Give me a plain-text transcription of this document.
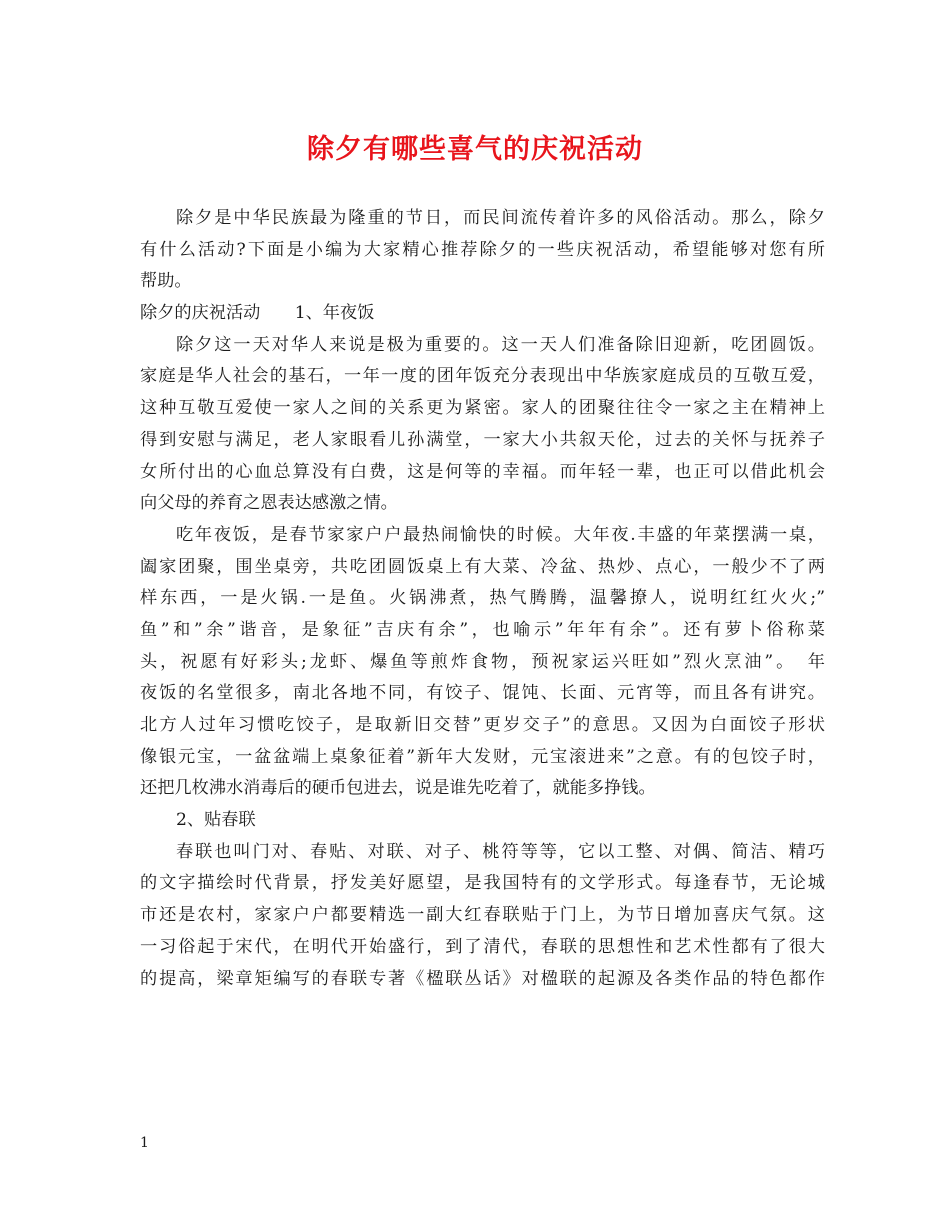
除夕有哪些喜气的庆祝活动
除夕是中华民族最为隆重的节日，而民间流传着许多的风俗活动。那么，除夕
有什么活动?下面是小编为大家精心推荐除夕的一些庆祝活动，希望能够对您有所
帮助。
除夕的庆祝活动　　1、年夜饭
除夕这一天对华人来说是极为重要的。这一天人们准备除旧迎新，吃团圆饭。
家庭是华人社会的基石，一年一度的团年饭充分表现出中华族家庭成员的互敬互爱，
这种互敬互爱使一家人之间的关系更为紧密。家人的团聚往往令一家之主在精神上
得到安慰与满足，老人家眼看儿孙满堂，一家大小共叙天伦，过去的关怀与抚养子
女所付出的心血总算没有白费，这是何等的幸福。而年轻一辈，也正可以借此机会
向父母的养育之恩表达感激之情。
吃年夜饭，是春节家家户户最热闹愉快的时候。大年夜.丰盛的年菜摆满一桌，
阖家团聚，围坐桌旁，共吃团圆饭桌上有大菜、冷盆、热炒、点心，一般少不了两
样东西，一是火锅.一是鱼。火锅沸煮，热气腾腾，温馨撩人，说明红红火火;”
鱼”和”余”谐音，是象征”吉庆有余”，也喻示”年年有余”。还有萝卜俗称菜
头，祝愿有好彩头;龙虾、爆鱼等煎炸食物，预祝家运兴旺如”烈火烹油”。　年
夜饭的名堂很多，南北各地不同，有饺子、馄饨、长面、元宵等，而且各有讲究。
北方人过年习惯吃饺子，是取新旧交替”更岁交子”的意思。又因为白面饺子形状
像银元宝，一盆盆端上桌象征着”新年大发财，元宝滚进来”之意。有的包饺子时，
还把几枚沸水消毒后的硬币包进去，说是谁先吃着了，就能多挣钱。
2、贴春联
春联也叫门对、春贴、对联、对子、桃符等等，它以工整、对偶、简洁、精巧
的文字描绘时代背景，抒发美好愿望，是我国特有的文学形式。每逢春节，无论城
市还是农村，家家户户都要精选一副大红春联贴于门上，为节日增加喜庆气氛。这
一习俗起于宋代，在明代开始盛行，到了清代，春联的思想性和艺术性都有了很大
的提高，梁章矩编写的春联专著《楹联丛话》对楹联的起源及各类作品的特色都作
1
